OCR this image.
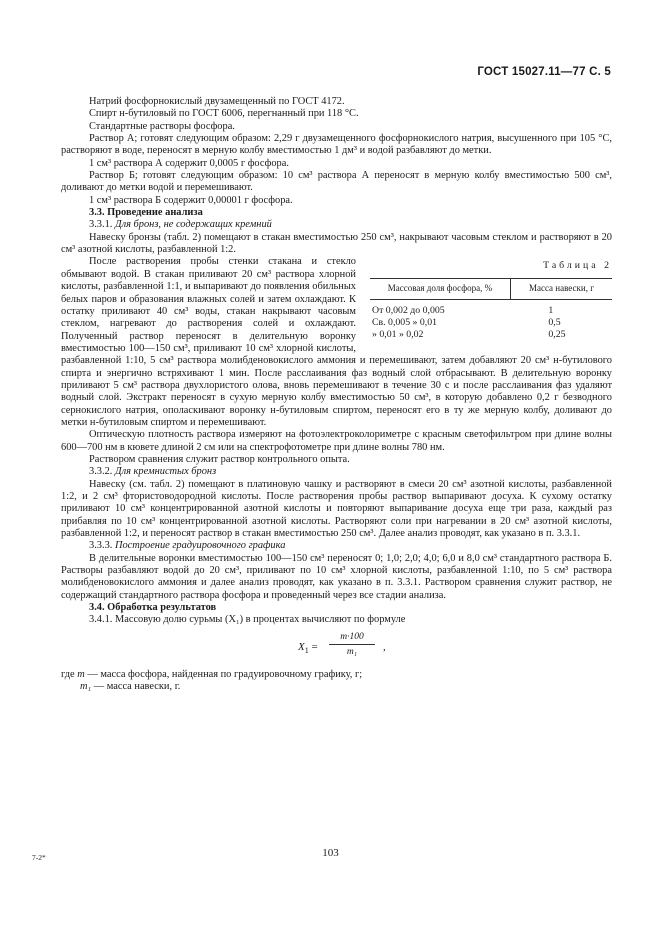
ГОСТ 15027.11—77 С. 5

Натрий фосфорнокислый двузамещенный по ГОСТ 4172.

Спирт н-бутиловый по ГОСТ 6006, перегнанный при 118 °С.

Стандартные растворы фосфора.

Раствор А; готовят следующим образом: 2,29 г двузамещенного фосфорнокислого натрия, высушенного при 105 °С, растворяют в воде, переносят в мерную колбу вместимостью 1 дм³ и водой разбавляют до метки.

1 см³ раствора А содержит 0,0005 г фосфора.

Раствор Б; готовят следующим образом: 10 см³ раствора А переносят в мерную колбу вместимостью 500 см³, доливают до метки водой и перемешивают.

1 см³ раствора Б содержит 0,00001 г фосфора.

3.3. Проведение анализа

3.3.1. Для бронз, не содержащих кремний

Навеску бронзы (табл. 2) помещают в стакан вместимостью 250 см³, накрывают часовым стеклом и растворяют в 20 см³ азотной кислоты, разбавленной 1:2.

Таблица 2
Массовая доля фосфора, %	Масса навески, г
От 0,002 до 0,005	1
Св. 0,005 » 0,01	0,5
» 0,01 » 0,02	0,25

После растворения пробы стенки стакана и стекло обмывают водой. В стакан приливают 20 см³ раствора хлорной кислоты, разбавленной 1:1, и выпаривают до появления обильных белых паров и образования влажных солей и затем охлаждают. К остатку приливают 40 см³ воды, стакан накрывают часовым стеклом, нагревают до растворения солей и охлаждают. Полученный раствор переносят в делительную воронку вместимостью 100—150 см³, приливают 10 см³ хлорной кислоты, разбавленной 1:10, 5 см³ раствора молибденовокислого аммония и перемешивают, затем добавляют 20 см³ н-бутилового спирта и энергично встряхивают 1 мин. После расслаивания фаз водный слой отбрасывают. В делительную воронку приливают 5 см³ раствора двухлористого олова, вновь перемешивают в течение 30 с и после расслаивания фаз удаляют водный слой. Экстракт переносят в сухую мерную колбу вместимостью 50 см³, в которую добавлено 0,2 г безводного сернокислого натрия, ополаскивают воронку н-бутиловым спиртом, переносят его в ту же мерную колбу, доливают до метки н-бутиловым спиртом и перемешивают.

Оптическую плотность раствора измеряют на фотоэлектроколориметре с красным светофильтром при длине волны 600—700 нм в кювете длиной 2 см или на спектрофотометре при длине волны 780 нм.

Раствором сравнения служит раствор контрольного опыта.

3.3.2. Для кремнистых бронз

Навеску (см. табл. 2) помещают в платиновую чашку и растворяют в смеси 20 см³ азотной кислоты, разбавленной 1:2, и 2 см³ фтористоводородной кислоты. После растворения пробы раствор выпаривают досуха. К сухому остатку приливают 10 см³ концентрированной азотной кислоты и повторяют выпаривание досуха еще три раза, каждый раз прибавляя по 10 см³ концентрированной азотной кислоты. Растворяют соли при нагревании в 20 см³ азотной кислоты, разбавленной 1:2, и переносят раствор в стакан вместимостью 250 см³. Далее анализ проводят, как указано в п. 3.3.1.

3.3.3. Построение градуировочного графика

В делительные воронки вместимостью 100—150 см³ переносят 0; 1,0; 2,0; 4,0; 6,0 и 8,0 см³ стандартного раствора Б. Растворы разбавляют водой до 20 см³, приливают по 10 см³ хлорной кислоты, разбавленной 1:10, по 5 см³ раствора молибденовокислого аммония и далее анализ проводят, как указано в п. 3.3.1. Раствором сравнения служит раствор, не содержащий стандартного раствора фосфора и проведенный через все стадии анализа.

3.4. Обработка результатов

3.4.1. Массовую долю сурьмы (X₁) в процентах вычисляют по формуле

$X_1 = \frac{m\cdot 100}{\text{m₁}}$ ,
где m — масса фосфора, найденная по градуировочному графику, г;
m₁ — масса навески, г.
7-2*	103
